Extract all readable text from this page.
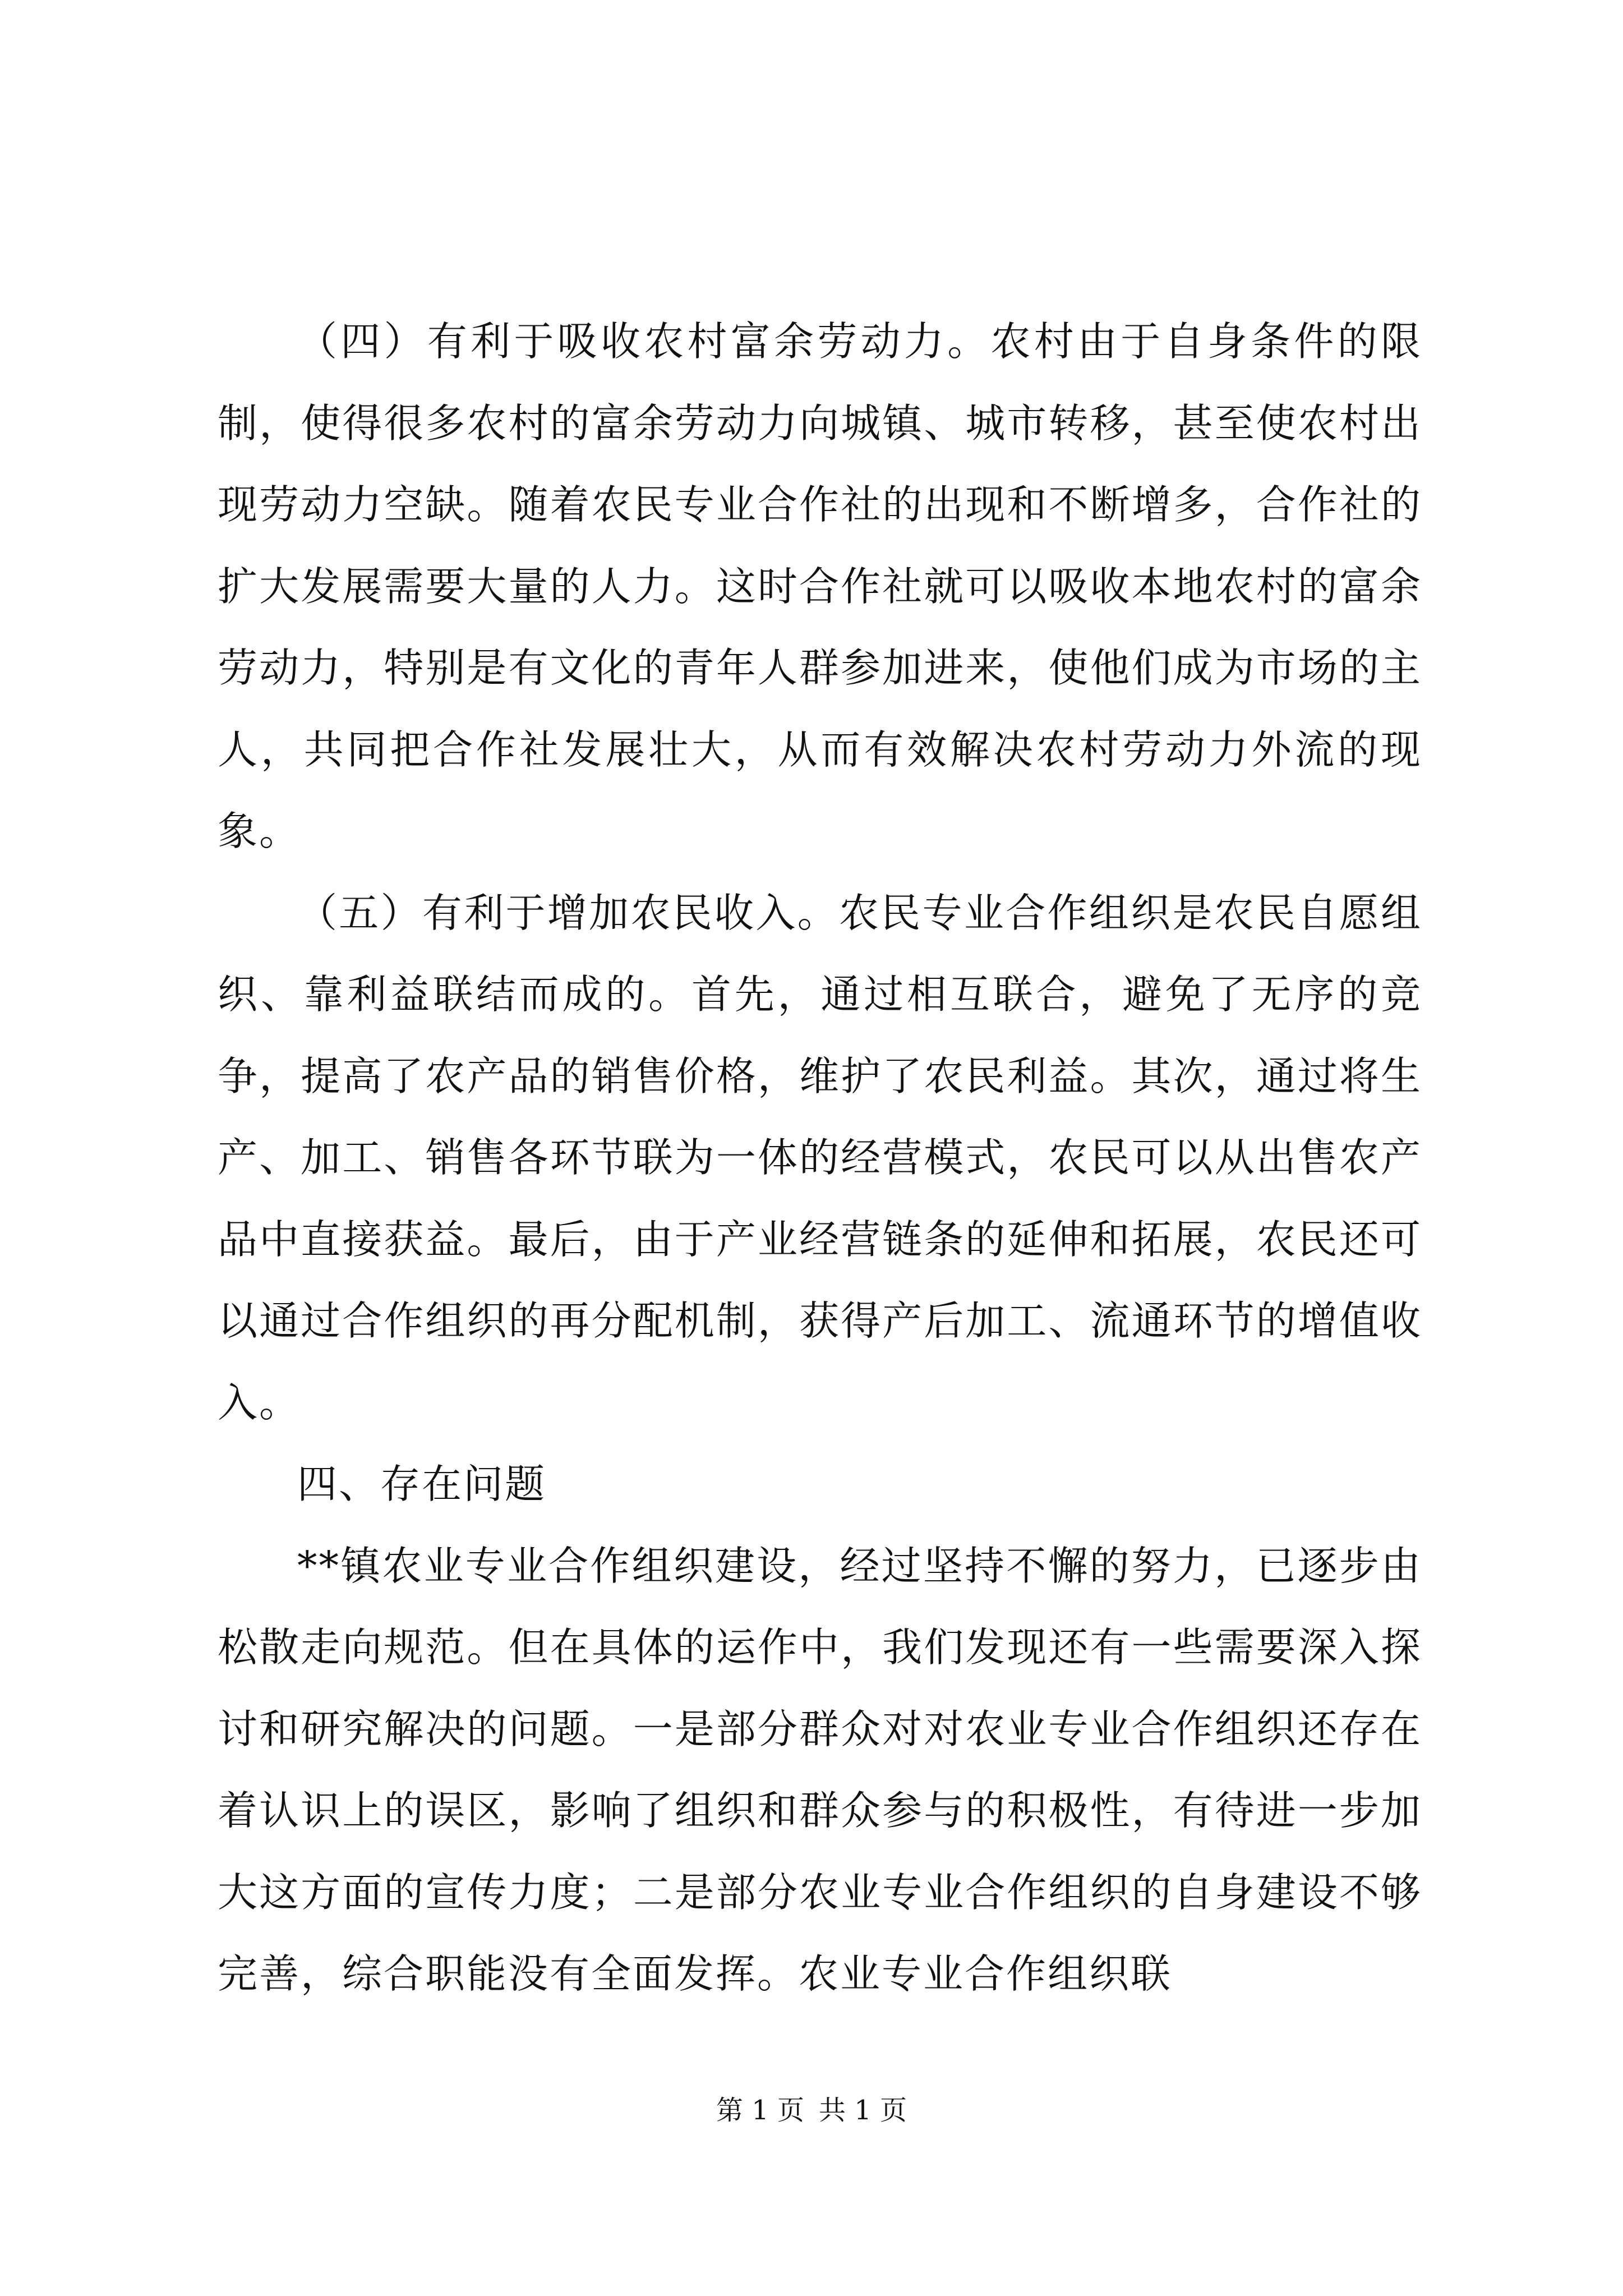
（四）有利于吸收农村富余劳动力。农村由于自身条件的限制，使得很多农村的富余劳动力向城镇、城市转移，甚至使农村出现劳动力空缺。随着农民专业合作社的出现和不断增多，合作社的扩大发展需要大量的人力。这时合作社就可以吸收本地农村的富余劳动力，特别是有文化的青年人群参加进来，使他们成为市场的主人，共同把合作社发展壮大，从而有效解决农村劳动力外流的现象。

（五）有利于增加农民收入。农民专业合作组织是农民自愿组织、靠利益联结而成的。首先，通过相互联合，避免了无序的竞争，提高了农产品的销售价格，维护了农民利益。其次，通过将生产、加工、销售各环节联为一体的经营模式，农民可以从出售农产品中直接获益。最后，由于产业经营链条的延伸和拓展，农民还可以通过合作组织的再分配机制，获得产后加工、流通环节的增值收入。

四、存在问题

**镇农业专业合作组织建设，经过坚持不懈的努力，已逐步由松散走向规范。但在具体的运作中，我们发现还有一些需要深入探讨和研究解决的问题。一是部分群众对对农业专业合作组织还存在着认识上的误区，影响了组织和群众参与的积极性，有待进一步加大这方面的宣传力度；二是部分农业专业合作组织的自身建设不够完善，综合职能没有全面发挥。农业专业合作组织联

第 1 页 共 1 页
